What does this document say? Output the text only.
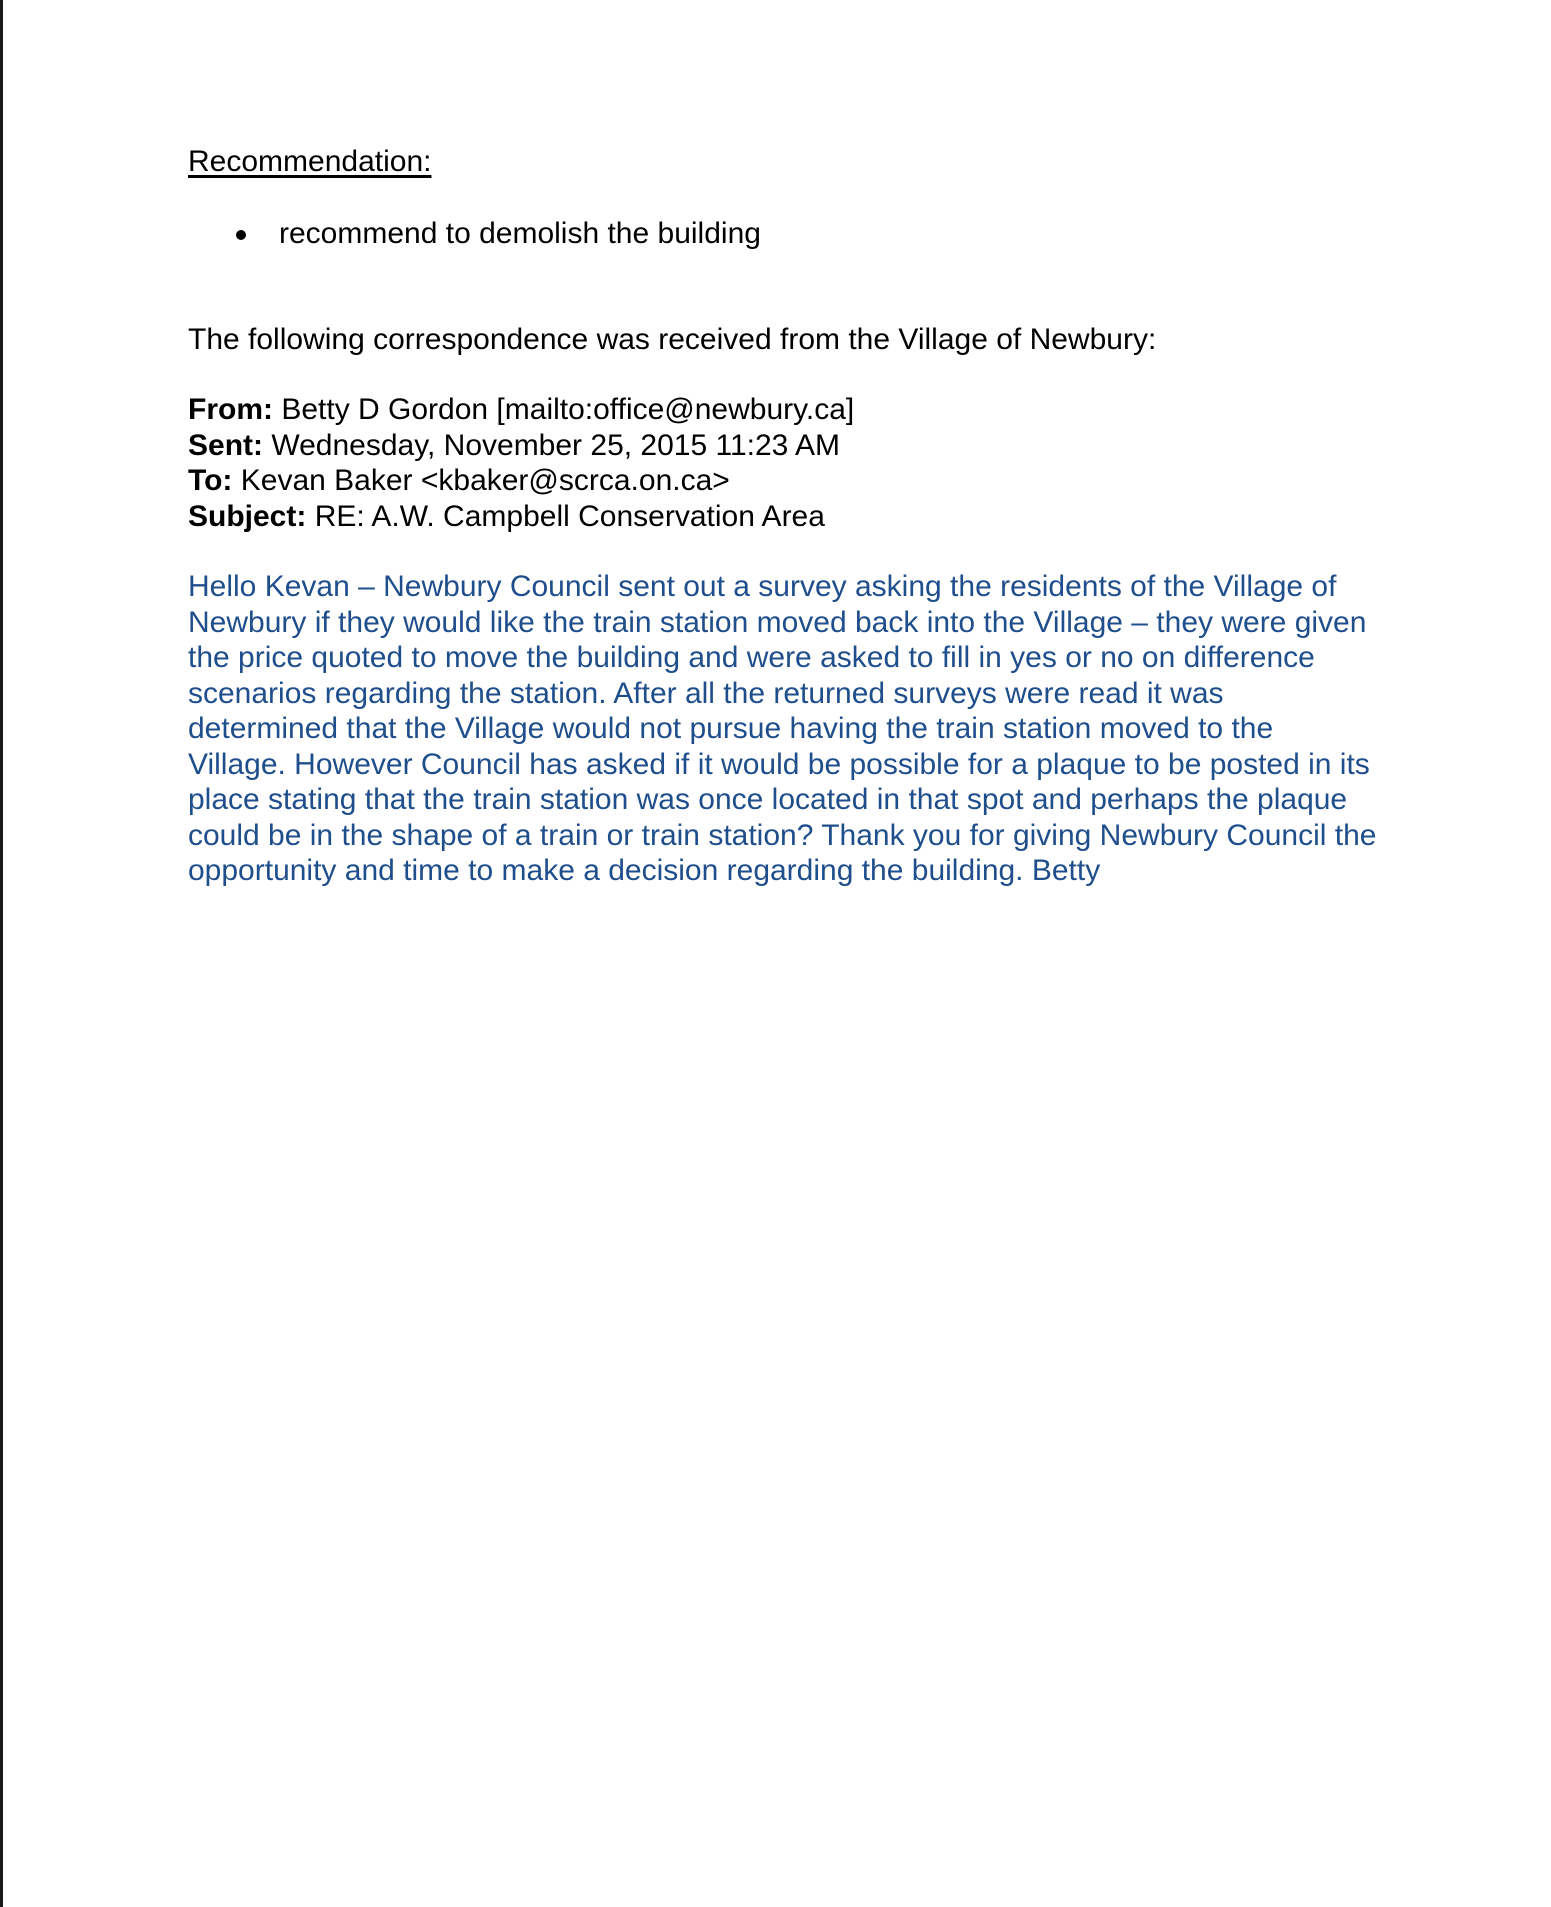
Recommendation:
recommend to demolish the building

The following correspondence was received from the Village of Newbury:

From: Betty D Gordon [mailto:office@newbury.ca]
Sent: Wednesday, November 25, 2015 11:23 AM
To: Kevan Baker <kbaker@scrca.on.ca>
Subject: RE: A.W. Campbell Conservation Area

Hello Kevan – Newbury Council sent out a survey asking the residents of the Village of Newbury if they would like the train station moved back into the Village – they were given the price quoted to move the building and were asked to fill in yes or no on difference scenarios regarding the station. After all the returned surveys were read it was determined that the Village would not pursue having the train station moved to the Village. However Council has asked if it would be possible for a plaque to be posted in its place stating that the train station was once located in that spot and perhaps the plaque could be in the shape of a train or train station? Thank you for giving Newbury Council the opportunity and time to make a decision regarding the building. Betty
